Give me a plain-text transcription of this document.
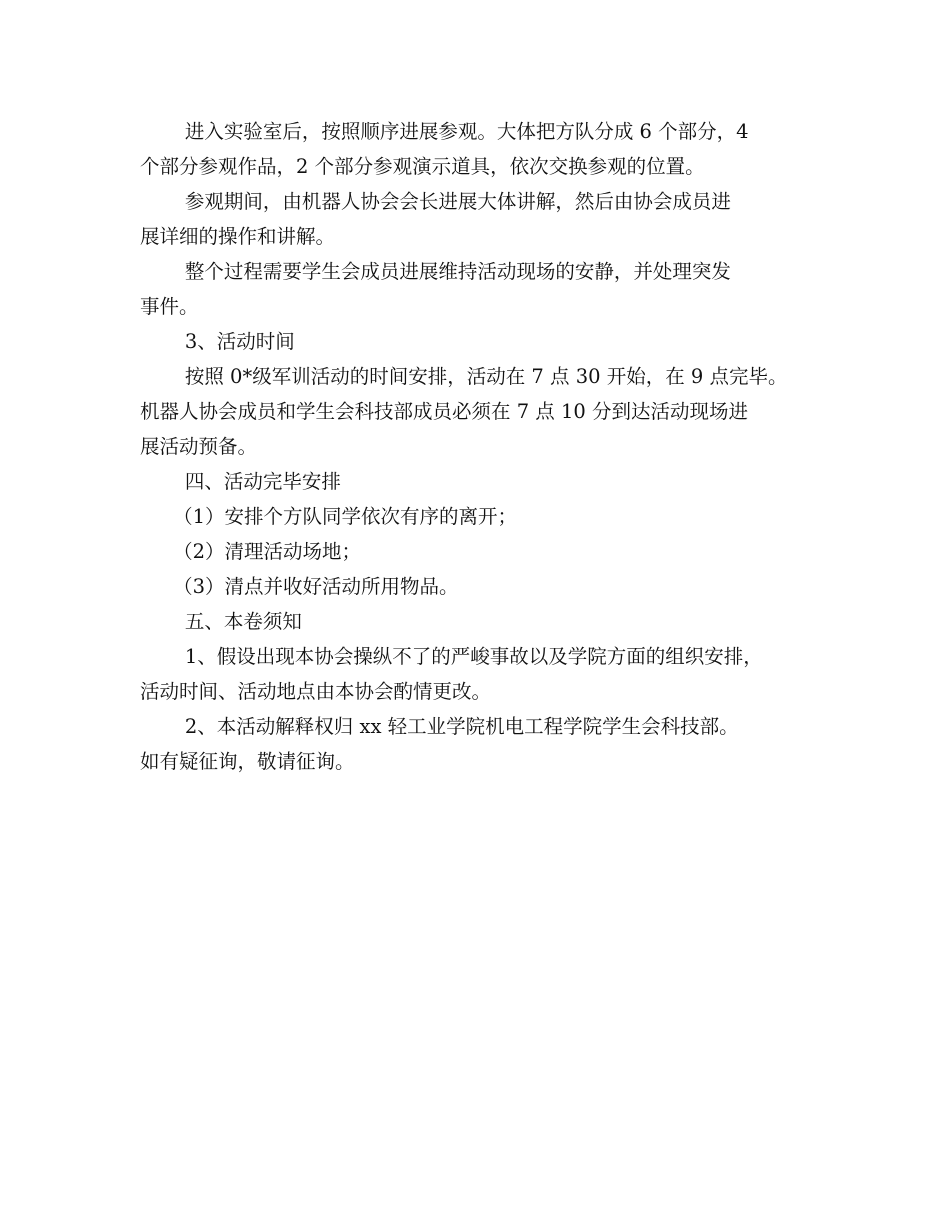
进入实验室后，按照顺序进展参观。大体把方队分成 6 个部分，4
个部分参观作品，2 个部分参观演示道具，依次交换参观的位置。
参观期间，由机器人协会会长进展大体讲解，然后由协会成员进
展详细的操作和讲解。
整个过程需要学生会成员进展维持活动现场的安静，并处理突发
事件。
3、活动时间
按照 0*级军训活动的时间安排，活动在 7 点 30 开始，在 9 点完毕。
机器人协会成员和学生会科技部成员必须在 7 点 10 分到达活动现场进
展活动预备。
四、活动完毕安排
（1）安排个方队同学依次有序的离开；
（2）清理活动场地；
（3）清点并收好活动所用物品。
五、本卷须知
1、假设出现本协会操纵不了的严峻事故以及学院方面的组织安排，
活动时间、活动地点由本协会酌情更改。
2、本活动解释权归 xx 轻工业学院机电工程学院学生会科技部。
如有疑征询，敬请征询。
